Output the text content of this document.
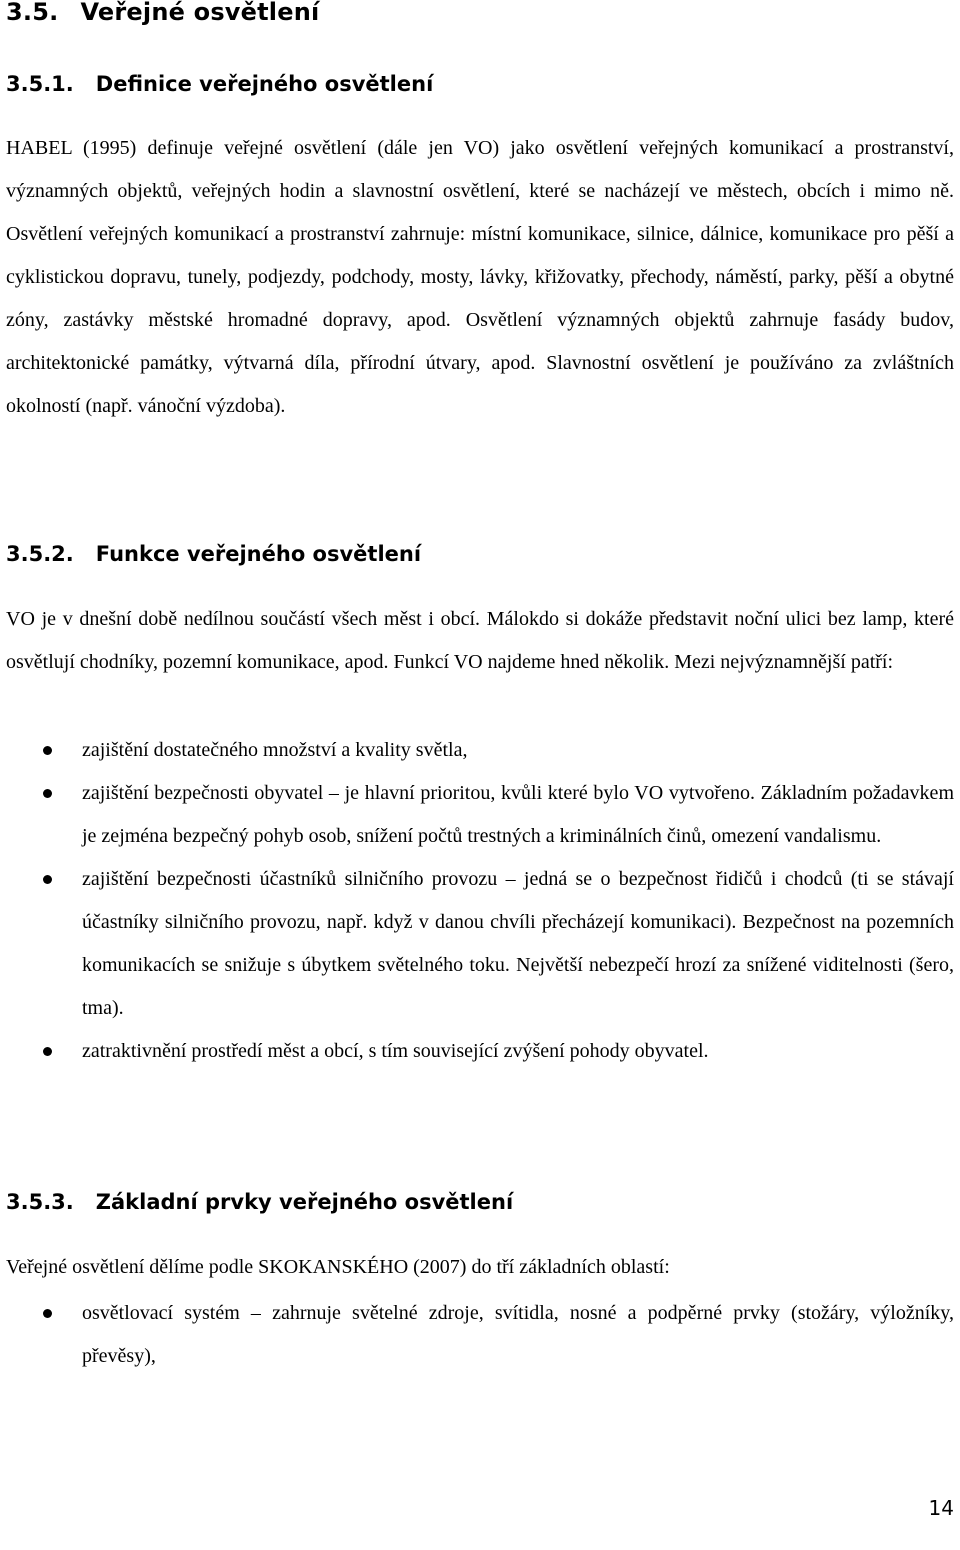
3.5. Veřejné osvětlení
3.5.1. Definice veřejného osvětlení

HABEL (1995) definuje veřejné osvětlení (dále jen VO) jako osvětlení veřejných komunikací a prostranství, významných objektů, veřejných hodin a slavnostní osvětlení, které se nacházejí ve městech, obcích i mimo ně. Osvětlení veřejných komunikací a prostranství zahrnuje: místní komunikace, silnice, dálnice, komunikace pro pěší a cyklistickou dopravu, tunely, podjezdy, podchody, mosty, lávky, křižovatky, přechody, náměstí, parky, pěší a obytné zóny, zastávky městské hromadné dopravy, apod. Osvětlení významných objektů zahrnuje fasády budov, architektonické památky, výtvarná díla, přírodní útvary, apod. Slavnostní osvětlení je používáno za zvláštních okolností (např. vánoční výzdoba).

3.5.2. Funkce veřejného osvětlení

VO je v dnešní době nedílnou součástí všech měst i obcí. Málokdo si dokáže představit noční ulici bez lamp, které osvětlují chodníky, pozemní komunikace, apod. Funkcí VO najdeme hned několik. Mezi nejvýznamnější patří:

zajištění dostatečného množství a kvality světla,
zajištění bezpečnosti obyvatel – je hlavní prioritou, kvůli které bylo VO vytvořeno. Základním požadavkem je zejména bezpečný pohyb osob, snížení počtů trestných a kriminálních činů, omezení vandalismu.
zajištění bezpečnosti účastníků silničního provozu – jedná se o bezpečnost řidičů i chodců (ti se stávají účastníky silničního provozu, např. když v danou chvíli přecházejí komunikaci). Bezpečnost na pozemních komunikacích se snižuje s úbytkem světelného toku. Největší nebezpečí hrozí za snížené viditelnosti (šero, tma).
zatraktivnění prostředí měst a obcí, s tím související zvýšení pohody obyvatel.
3.5.3. Základní prvky veřejného osvětlení

Veřejné osvětlení dělíme podle SKOKANSKÉHO (2007) do tří základních oblastí:

osvětlovací systém – zahrnuje světelné zdroje, svítidla, nosné a podpěrné prvky (stožáry, výložníky, převěsy),
14
